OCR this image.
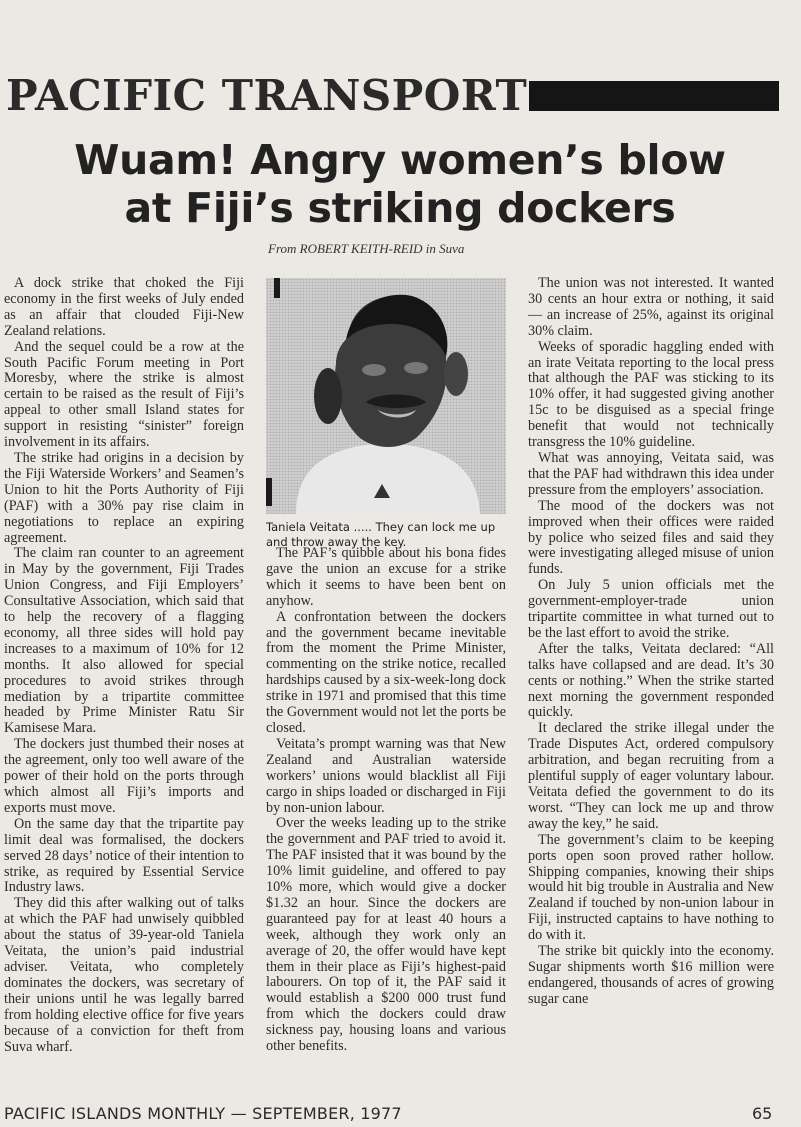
PACIFIC TRANSPORT
Wuam! Angry women’s blow
at Fiji’s striking dockers
From ROBERT KEITH-REID in Suva

A dock strike that choked the Fiji economy in the first weeks of July ended as an affair that clouded Fiji-New Zealand relations.

And the sequel could be a row at the South Pacific Forum meeting in Port Moresby, where the strike is almost certain to be raised as the result of Fiji’s appeal to other small Island states for support in resisting “sinister” foreign involvement in its affairs.

The strike had origins in a decision by the Fiji Waterside Workers’ and Seamen’s Union to hit the Ports Authority of Fiji (PAF) with a 30% pay rise claim in negotiations to replace an expiring agreement.

The claim ran counter to an agreement in May by the government, Fiji Trades Union Congress, and Fiji Employers’ Consultative Association, which said that to help the recovery of a flagging economy, all three sides will hold pay increases to a maximum of 10% for 12 months. It also allowed for special procedures to avoid strikes through mediation by a tripartite committee headed by Prime Minister Ratu Sir Kamisese Mara.

The dockers just thumbed their noses at the agreement, only too well aware of the power of their hold on the ports through which almost all Fiji’s imports and exports must move.

On the same day that the tripartite pay limit deal was formalised, the dockers served 28 days’ notice of their intention to strike, as required by Essential Service Industry laws.

They did this after walking out of talks at which the PAF had unwisely quibbled about the status of 39-year-old Taniela Veitata, the union’s paid industrial adviser. Veitata, who completely dominates the dockers, was secretary of their unions until he was legally barred from holding elective office for five years because of a conviction for theft from Suva wharf.

Taniela Veitata ..... They can lock me up and throw away the key.

The PAF’s quibble about his bona fides gave the union an excuse for a strike which it seems to have been bent on anyhow.

A confrontation between the dockers and the government became inevitable from the moment the Prime Minister, commenting on the strike notice, recalled hardships caused by a six-week-long dock strike in 1971 and promised that this time the Government would not let the ports be closed.

Veitata’s prompt warning was that New Zealand and Australian waterside workers’ unions would blacklist all Fiji cargo in ships loaded or discharged in Fiji by non-union labour.

Over the weeks leading up to the strike the government and PAF tried to avoid it. The PAF insisted that it was bound by the 10% limit guideline, and offered to pay 10% more, which would give a docker $1.32 an hour. Since the dockers are guaranteed pay for at least 40 hours a week, although they work only an average of 20, the offer would have kept them in their place as Fiji’s highest-paid labourers. On top of it, the PAF said it would establish a $200 000 trust fund from which the dockers could draw sickness pay, housing loans and various other benefits.

The union was not interested. It wanted 30 cents an hour extra or nothing, it said — an increase of 25%, against its original 30% claim.

Weeks of sporadic haggling ended with an irate Veitata reporting to the local press that although the PAF was sticking to its 10% offer, it had suggested giving another 15c to be disguised as a special fringe benefit that would not technically transgress the 10% guideline.

What was annoying, Veitata said, was that the PAF had withdrawn this idea under pressure from the employers’ association.

The mood of the dockers was not improved when their offices were raided by police who seized files and said they were investigating alleged misuse of union funds.

On July 5 union officials met the government-employer-trade union tripartite committee in what turned out to be the last effort to avoid the strike.

After the talks, Veitata declared: “All talks have collapsed and are dead. It’s 30 cents or nothing.” When the strike started next morning the government responded quickly.

It declared the strike illegal under the Trade Disputes Act, ordered compulsory arbitration, and began recruiting from a plentiful supply of eager voluntary labour. Veitata defied the government to do its worst. “They can lock me up and throw away the key,” he said.

The government’s claim to be keeping ports open soon proved rather hollow. Shipping companies, knowing their ships would hit big trouble in Australia and New Zealand if touched by non-union labour in Fiji, instructed captains to have nothing to do with it.

The strike bit quickly into the economy. Sugar shipments worth $16 million were endangered, thousands of acres of growing sugar cane

PACIFIC ISLANDS MONTHLY — SEPTEMBER, 1977	65
